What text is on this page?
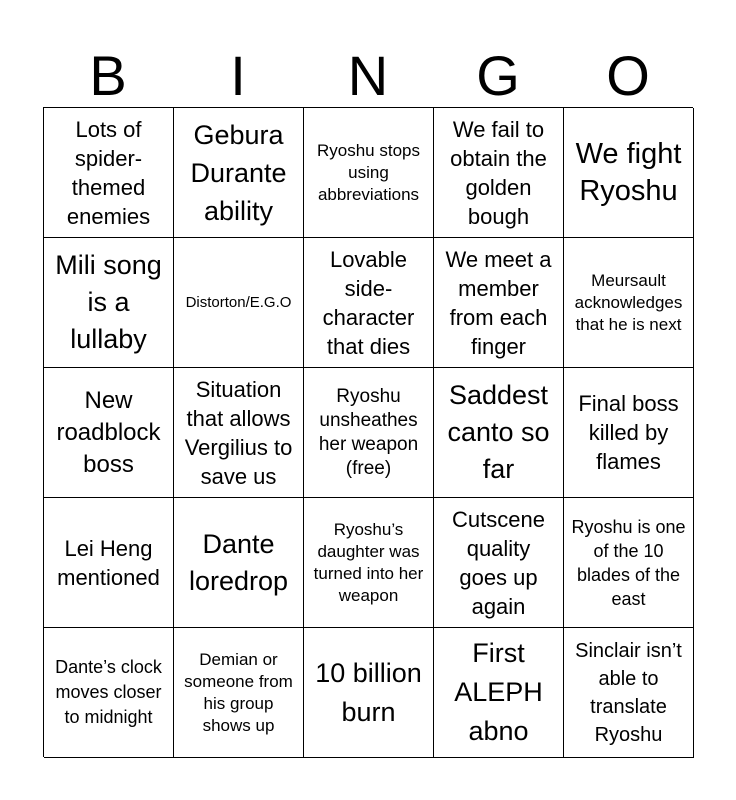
B	I	N	G	O
Lots of spider-themed enemies
Gebura Durante ability
Ryoshu stops using abbreviations
We fail to obtain the golden bough
We fight Ryoshu
Mili song is a lullaby
Distorton/E.G.O
Lovable side-character that dies
We meet a member from each finger
Meursault acknowledges that he is next
New roadblock boss
Situation that allows Vergilius to save us
Ryoshu unsheathes her weapon (free)
Saddest canto so far
Final boss killed by flames
Lei Heng mentioned
Dante loredrop
Ryoshu’s daughter was turned into her weapon
Cutscene quality goes up again
Ryoshu is one of the 10 blades of the east
Dante’s clock moves closer to midnight
Demian or someone from his group shows up
10 billion burn
First ALEPH abno
Sinclair isn’t able to translate Ryoshu
